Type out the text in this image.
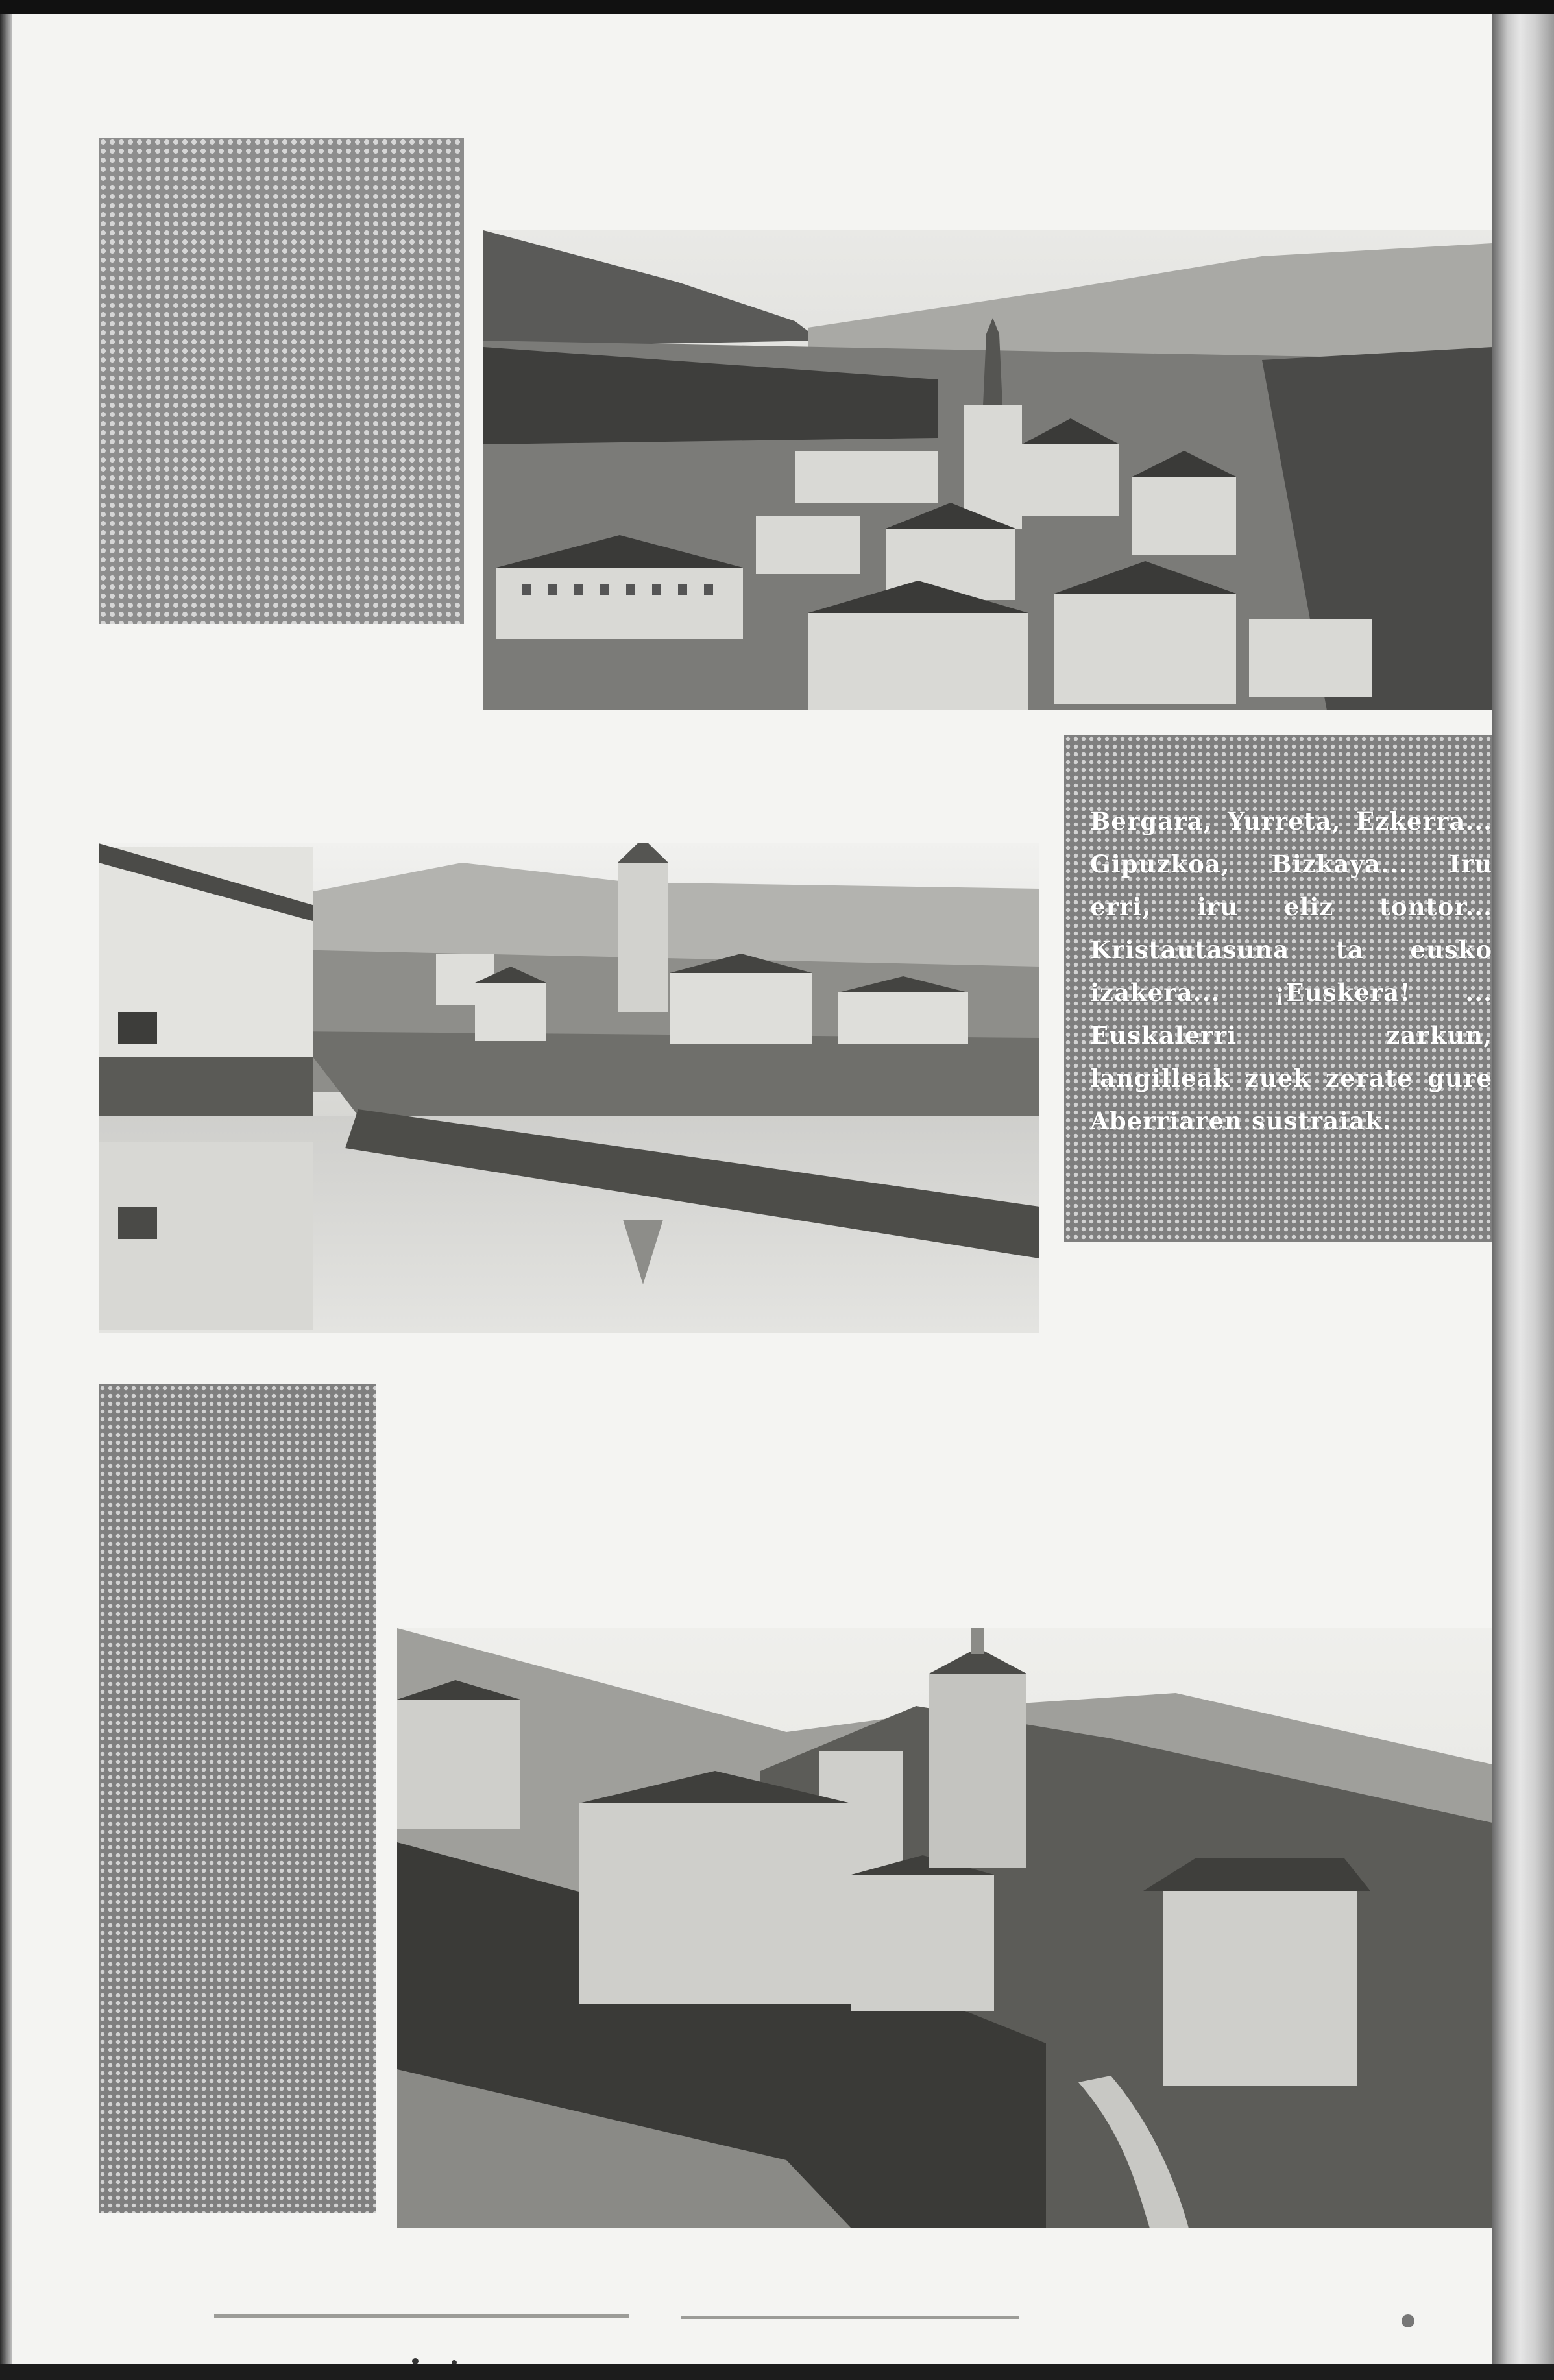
Bergara, Yurreta, Ezkerra... Gipuzkoa, Bizkaya... Iru erri, iru eliz tontor... Kristautasuna ta eusko izakera... ¡Euskera! ... Euskalerri zarkun, langilleak zuek zerate gure Aberriaren sustraiak.
